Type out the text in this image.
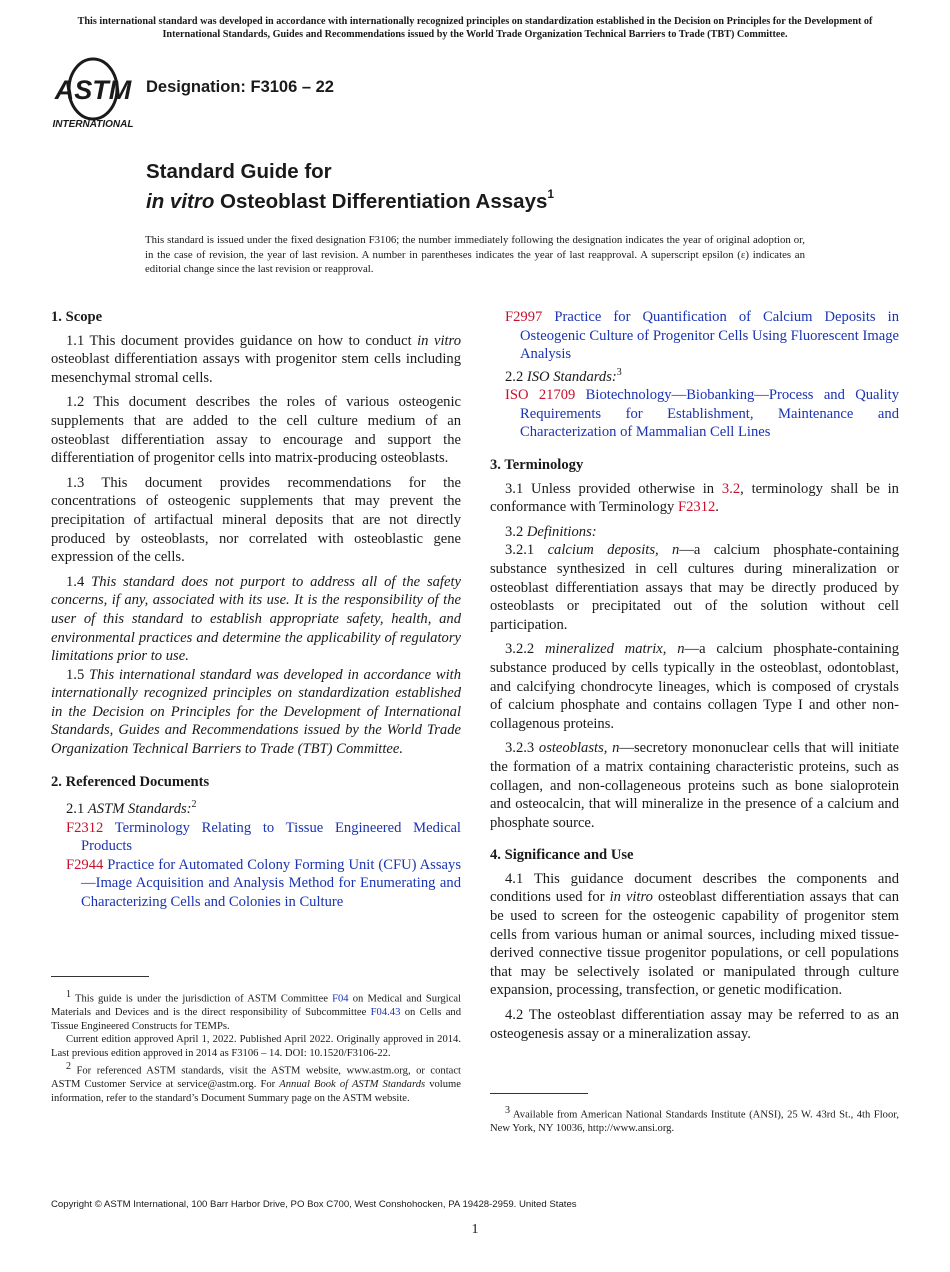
This international standard was developed in accordance with internationally recognized principles on standardization established in the Decision on Principles for the Development of International Standards, Guides and Recommendations issued by the World Trade Organization Technical Barriers to Trade (TBT) Committee.
ASTM
INTERNATIONAL
Designation: F3106 – 22
Standard Guide for
in vitro Osteoblast Differentiation Assays$^1$
This standard is issued under the fixed designation F3106; the number immediately following the designation indicates the year of original adoption or, in the case of revision, the year of last revision. A number in parentheses indicates the year of last reapproval. A superscript epsilon (ε) indicates an editorial change since the last revision or reapproval.

1. Scope

1.1 This document provides guidance on how to conduct in vitro osteoblast differentiation assays with progenitor stem cells including mesenchymal stromal cells.

1.2 This document describes the roles of various osteogenic supplements that are added to the cell culture medium of an osteoblast differentiation assay to encourage and support the differentiation of progenitor cells into matrix-producing osteoblasts.

1.3 This document provides recommendations for the concentrations of osteogenic supplements that may prevent the precipitation of artifactual mineral deposits that are not directly produced by osteoblasts, nor correlated with osteoblastic gene expression of the cells.

1.4 This standard does not purport to address all of the safety concerns, if any, associated with its use. It is the responsibility of the user of this standard to establish appropriate safety, health, and environmental practices and determine the applicability of regulatory limitations prior to use.

1.5 This international standard was developed in accordance with internationally recognized principles on standardization established in the Decision on Principles for the Development of International Standards, Guides and Recommendations issued by the World Trade Organization Technical Barriers to Trade (TBT) Committee.

2. Referenced Documents

2.1 ASTM Standards:$^2$

F2312 Terminology Relating to Tissue Engineered Medical Products

F2944 Practice for Automated Colony Forming Unit (CFU) Assays—Image Acquisition and Analysis Method for Enumerating and Characterizing Cells and Colonies in Culture

$^1$ This guide is under the jurisdiction of ASTM Committee F04 on Medical and Surgical Materials and Devices and is the direct responsibility of Subcommittee F04.43 on Cells and Tissue Engineered Constructs for TEMPs.

Current edition approved April 1, 2022. Published April 2022. Originally approved in 2014. Last previous edition approved in 2014 as F3106 – 14. DOI: 10.1520/F3106-22.

$^2$ For referenced ASTM standards, visit the ASTM website, www.astm.org, or contact ASTM Customer Service at service@astm.org. For Annual Book of ASTM Standards volume information, refer to the standard’s Document Summary page on the ASTM website.

F2997 Practice for Quantification of Calcium Deposits in Osteogenic Culture of Progenitor Cells Using Fluorescent Image Analysis

2.2 ISO Standards:$^3$

ISO 21709 Biotechnology—Biobanking—Process and Quality Requirements for Establishment, Maintenance and Characterization of Mammalian Cell Lines

3. Terminology

3.1 Unless provided otherwise in 3.2, terminology shall be in conformance with Terminology F2312.

3.2 Definitions:

3.2.1 calcium deposits, n—a calcium phosphate-containing substance synthesized in cell cultures during mineralization or osteoblast differentiation assays that may be directly produced by osteoblasts or precipitated out of the solution without cell participation.

3.2.2 mineralized matrix, n—a calcium phosphate-containing substance produced by cells typically in the osteoblast, odontoblast, and calcifying chondrocyte lineages, which is composed of crystals of calcium phosphate and contains collagen Type I and other non-collagenous proteins.

3.2.3 osteoblasts, n—secretory mononuclear cells that will initiate the formation of a matrix containing characteristic proteins, such as collagen, and non-collageneous proteins such as bone sialoprotein and osteocalcin, that will mineralize in the presence of a calcium and phosphate source.

4. Significance and Use

4.1 This guidance document describes the components and conditions used for in vitro osteoblast differentiation assays that can be used to screen for the osteogenic capability of progenitor stem cells from various human or animal sources, including mixed tissue-derived connective tissue progenitor populations, or cell populations that may be selectively isolated or manipulated through culture expansion, processing, transfection, or genetic modification.

4.2 The osteoblast differentiation assay may be referred to as an osteogenesis assay or a mineralization assay.

$^3$ Available from American National Standards Institute (ANSI), 25 W. 43rd St., 4th Floor, New York, NY 10036, http://www.ansi.org.

Copyright © ASTM International, 100 Barr Harbor Drive, PO Box C700, West Conshohocken, PA 19428-2959. United States
1
